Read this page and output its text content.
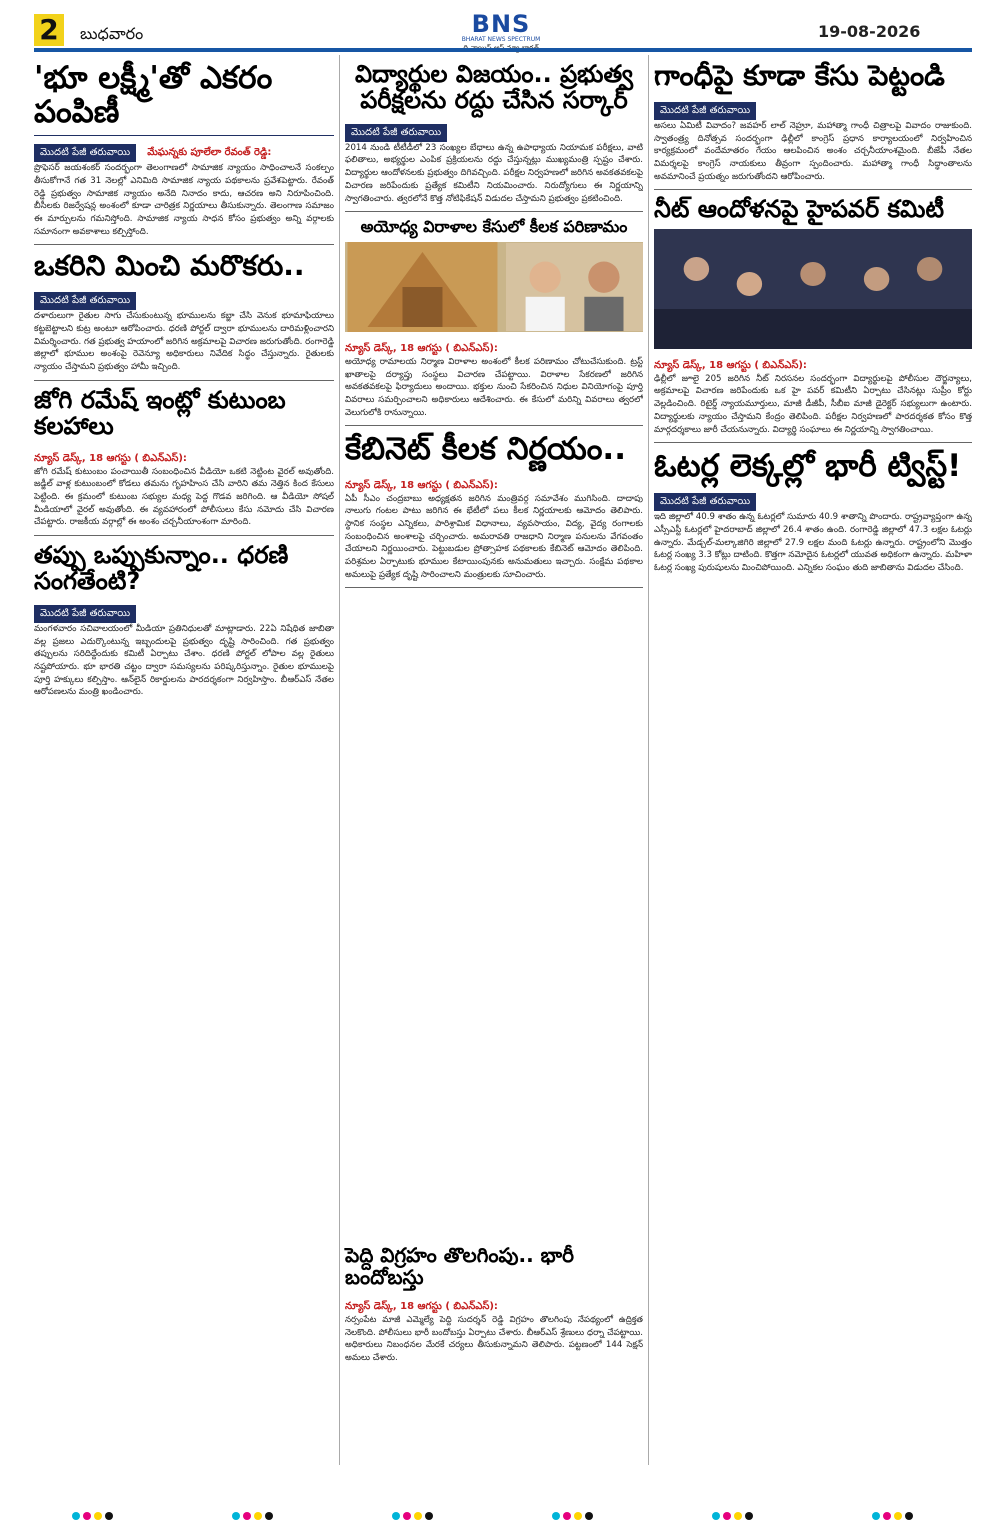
2	బుధవారం	BNS
BHARAT NEWS SPECTRUM	19-08-2026
'భూ లక్ష్మీ'తో ఎకరం పంపిణీ
మొదటి పేజీ తరువాయి మేఘన్నకు పూలేలా రేవంత్ రెడ్డి:
ప్రొఫెసర్ జయశంకర్ సందర్భంగా తెలంగాణలో సామాజిక న్యాయం సాధించాలనే సంకల్పం తీసుకోగానే గత 31 నెలల్లో ఎనిమిది సామాజిక న్యాయ పథకాలను ప్రవేశపెట్టారు. రేవంత్ రెడ్డి ప్రభుత్వం సామాజిక న్యాయం అనేది నినాదం కాదు, ఆచరణ అని నిరూపించింది. బీసీలకు రిజర్వేషన్ల అంశంలో కూడా చారిత్రక నిర్ణయాలు తీసుకున్నారు. తెలంగాణ సమాజం ఈ మార్పులను గమనిస్తోంది. సామాజిక న్యాయ సాధన కోసం ప్రభుత్వం అన్ని వర్గాలకు సమానంగా అవకాశాలు కల్పిస్తోంది.
ఒకరిని మించి మరొకరు..
మొదటి పేజీ తరువాయి
దళారులుగా రైతుల సాగు చేసుకుంటున్న భూములను కబ్జా చేసి వెనుక భూమాఫియాలు కట్టబెట్టాలని కుట్ర అంటూ ఆరోపించారు. ధరణి పోర్టల్ ద్వారా భూములను దారిమళ్లించారని విమర్శించారు. గత ప్రభుత్వ హయాంలో జరిగిన అక్రమాలపై విచారణ జరుగుతోంది. రంగారెడ్డి జిల్లాలో భూముల అంశంపై రెవెన్యూ అధికారులు నివేదిక సిద్ధం చేస్తున్నారు. రైతులకు న్యాయం చేస్తామని ప్రభుత్వం హామీ ఇచ్చింది.
జోగి రమేష్ ఇంట్లో కుటుంబ కలహాలు
న్యూస్ డెస్క్, 18 ఆగస్టు ( బిఎన్ఎస్):
జోగి రమేష్ కుటుంబం పంచాయితీ సంబంధించిన వీడియో ఒకటి నెట్టింట వైరల్ అవుతోంది. జడ్జీల్ వాళ్ల కుటుంబంలో కోడలు తమను గృహహింస చేసి వారిని తమ నెత్తిన కింద కేసులు పెట్టింది. ఈ క్రమంలో కుటుంబ సభ్యుల మధ్య పెద్ద గొడవ జరిగింది. ఆ వీడియో సోషల్ మీడియాలో వైరల్ అవుతోంది. ఈ వ్యవహారంలో పోలీసులు కేసు నమోదు చేసి విచారణ చేపట్టారు. రాజకీయ వర్గాల్లో ఈ అంశం చర్చనీయాంశంగా మారింది.
తప్పు ఒప్పుకున్నాం.. ధరణి సంగతేంటి?
మొదటి పేజీ తరువాయి
మంగళవారం సచివాలయంలో మీడియా ప్రతినిధులతో మాట్లాడారు. 22ఏ నిషేధిత జాబితా వల్ల ప్రజలు ఎదుర్కొంటున్న ఇబ్బందులపై ప్రభుత్వం దృష్టి సారించింది. గత ప్రభుత్వం తప్పులను సరిదిద్దేందుకు కమిటీ ఏర్పాటు చేశాం. ధరణి పోర్టల్ లోపాల వల్ల రైతులు నష్టపోయారు. భూ భారతి చట్టం ద్వారా సమస్యలను పరిష్కరిస్తున్నాం. రైతుల భూములపై పూర్తి హక్కులు కల్పిస్తాం. ఆన్‌లైన్ రికార్డులను పారదర్శకంగా నిర్వహిస్తాం. బీఆర్ఎస్ నేతల ఆరోపణలను మంత్రి ఖండించారు.
విద్యార్థుల విజయం.. ప్రభుత్వ పరీక్షలను రద్దు చేసిన సర్కార్
మొదటి పేజీ తరువాయి
2014 నుండి టీటీడీలో 23 సంఖ్యల బేధాలు ఉన్న ఉపాధ్యాయ నియామక పరీక్షలు, వాటి ఫలితాలు, అభ్యర్థుల ఎంపిక ప్రక్రియలను రద్దు చేస్తున్నట్లు ముఖ్యమంత్రి స్పష్టం చేశారు. విద్యార్థుల ఆందోళనలకు ప్రభుత్వం దిగివచ్చింది. పరీక్షల నిర్వహణలో జరిగిన అవకతవకలపై విచారణ జరిపేందుకు ప్రత్యేక కమిటీని నియమించారు. నిరుద్యోగులు ఈ నిర్ణయాన్ని స్వాగతించారు. త్వరలోనే కొత్త నోటిఫికేషన్ విడుదల చేస్తామని ప్రభుత్వం ప్రకటించింది.
అయోధ్య విరాళాల కేసులో కీలక పరిణామం
న్యూస్ డెస్క్, 18 ఆగస్టు ( బిఎన్ఎస్):
అయోధ్య రామాలయ నిర్మాణ విరాళాల అంశంలో కీలక పరిణామం చోటుచేసుకుంది. ట్రస్ట్ ఖాతాలపై దర్యాప్తు సంస్థలు విచారణ చేపట్టాయి. విరాళాల సేకరణలో జరిగిన అవకతవకలపై ఫిర్యాదులు అందాయి. భక్తుల నుంచి సేకరించిన నిధుల వినియోగంపై పూర్తి వివరాలు సమర్పించాలని అధికారులు ఆదేశించారు. ఈ కేసులో మరిన్ని వివరాలు త్వరలో వెలుగులోకి రానున్నాయి.
కేబినెట్ కీలక నిర్ణయం..
న్యూస్ డెస్క్, 18 ఆగస్టు ( బిఎన్ఎస్):
ఏపీ సీఎం చంద్రబాబు అధ్యక్షతన జరిగిన మంత్రివర్గ సమావేశం ముగిసింది. దాదాపు నాలుగు గంటల పాటు జరిగిన ఈ భేటీలో పలు కీలక నిర్ణయాలకు ఆమోదం తెలిపారు. స్థానిక సంస్థల ఎన్నికలు, పారిశ్రామిక విధానాలు, వ్యవసాయం, విద్య, వైద్య రంగాలకు సంబంధించిన అంశాలపై చర్చించారు. అమరావతి రాజధాని నిర్మాణ పనులను వేగవంతం చేయాలని నిర్ణయించారు. పెట్టుబడుల ప్రోత్సాహక పథకాలకు కేబినెట్ ఆమోదం తెలిపింది. పరిశ్రమల ఏర్పాటుకు భూముల కేటాయింపునకు అనుమతులు ఇచ్చారు. సంక్షేమ పథకాల అమలుపై ప్రత్యేక దృష్టి సారించాలని మంత్రులకు సూచించారు.
గాంధీపై కూడా కేసు పెట్టండి
మొదటి పేజీ తరువాయి
అసలు ఏమిటీ వివాదం? జవహర్ లాల్ నెహ్రూ, మహాత్మా గాంధీ చిత్రాలపై వివాదం రాజుకుంది. స్వాతంత్ర్య దినోత్సవ సందర్భంగా ఢిల్లీలో కాంగ్రెస్ ప్రధాన కార్యాలయంలో నిర్వహించిన కార్యక్రమంలో వందేమాతరం గేయం ఆలపించిన అంశం చర్చనీయాంశమైంది. బీజేపీ నేతల విమర్శలపై కాంగ్రెస్ నాయకులు తీవ్రంగా స్పందించారు. మహాత్మా గాంధీ సిద్ధాంతాలను అవమానించే ప్రయత్నం జరుగుతోందని ఆరోపించారు.
నీట్ ఆందోళనపై హైపవర్ కమిటీ
న్యూస్ డెస్క్, 18 ఆగస్టు ( బిఎన్ఎస్):
ఢిల్లీలో జూలై 205 జరిగిన నీట్ నిరసనల సందర్భంగా విద్యార్థులపై పోలీసుల దౌర్జన్యాలు, అక్రమాలపై విచారణ జరిపేందుకు ఒక హై పవర్ కమిటీని ఏర్పాటు చేసినట్లు సుప్రీం కోర్టు వెల్లడించింది. రిటైర్డ్ న్యాయమూర్తులు, మాజీ డీజీపీ, సీబీఐ మాజీ డైరెక్టర్ సభ్యులుగా ఉంటారు. విద్యార్థులకు న్యాయం చేస్తామని కేంద్రం తెలిపింది. పరీక్షల నిర్వహణలో పారదర్శకత కోసం కొత్త మార్గదర్శకాలు జారీ చేయనున్నారు. విద్యార్థి సంఘాలు ఈ నిర్ణయాన్ని స్వాగతించాయి.
ఓటర్ల లెక్కల్లో భారీ ట్విస్ట్!
మొదటి పేజీ తరువాయి
ఇది జిల్లాలో 40.9 శాతం ఉన్న ఓటర్లలో సుమారు 40.9 శాతాన్ని పొందారు. రాష్ట్రవ్యాప్తంగా ఉన్న ఎస్సీఎస్టీ ఓటర్లలో హైదరాబాద్ జిల్లాలో 26.4 శాతం ఉంది. రంగారెడ్డి జిల్లాలో 47.3 లక్షల ఓటర్లు ఉన్నారు. మేడ్చల్-మల్కాజిగిరి జిల్లాలో 27.9 లక్షల మంది ఓటర్లు ఉన్నారు. రాష్ట్రంలోని మొత్తం ఓటర్ల సంఖ్య 3.3 కోట్లు దాటింది. కొత్తగా నమోదైన ఓటర్లలో యువత అధికంగా ఉన్నారు. మహిళా ఓటర్ల సంఖ్య పురుషులను మించిపోయింది. ఎన్నికల సంఘం తుది జాబితాను విడుదల చేసింది.
పెద్ది విగ్రహం తొలగింపు.. భారీ బందోబస్తు
న్యూస్ డెస్క్, 18 ఆగస్టు ( బిఎన్ఎస్):
నర్సంపేట మాజీ ఎమ్మెల్యే పెద్ది సుదర్శన్ రెడ్డి విగ్రహం తొలగింపు నేపథ్యంలో ఉద్రిక్తత నెలకొంది. పోలీసులు భారీ బందోబస్తు ఏర్పాటు చేశారు. బీఆర్ఎస్ శ్రేణులు ధర్నా చేపట్టాయి. అధికారులు నిబంధనల మేరకే చర్యలు తీసుకున్నామని తెలిపారు. పట్టణంలో 144 సెక్షన్ అమలు చేశారు.
